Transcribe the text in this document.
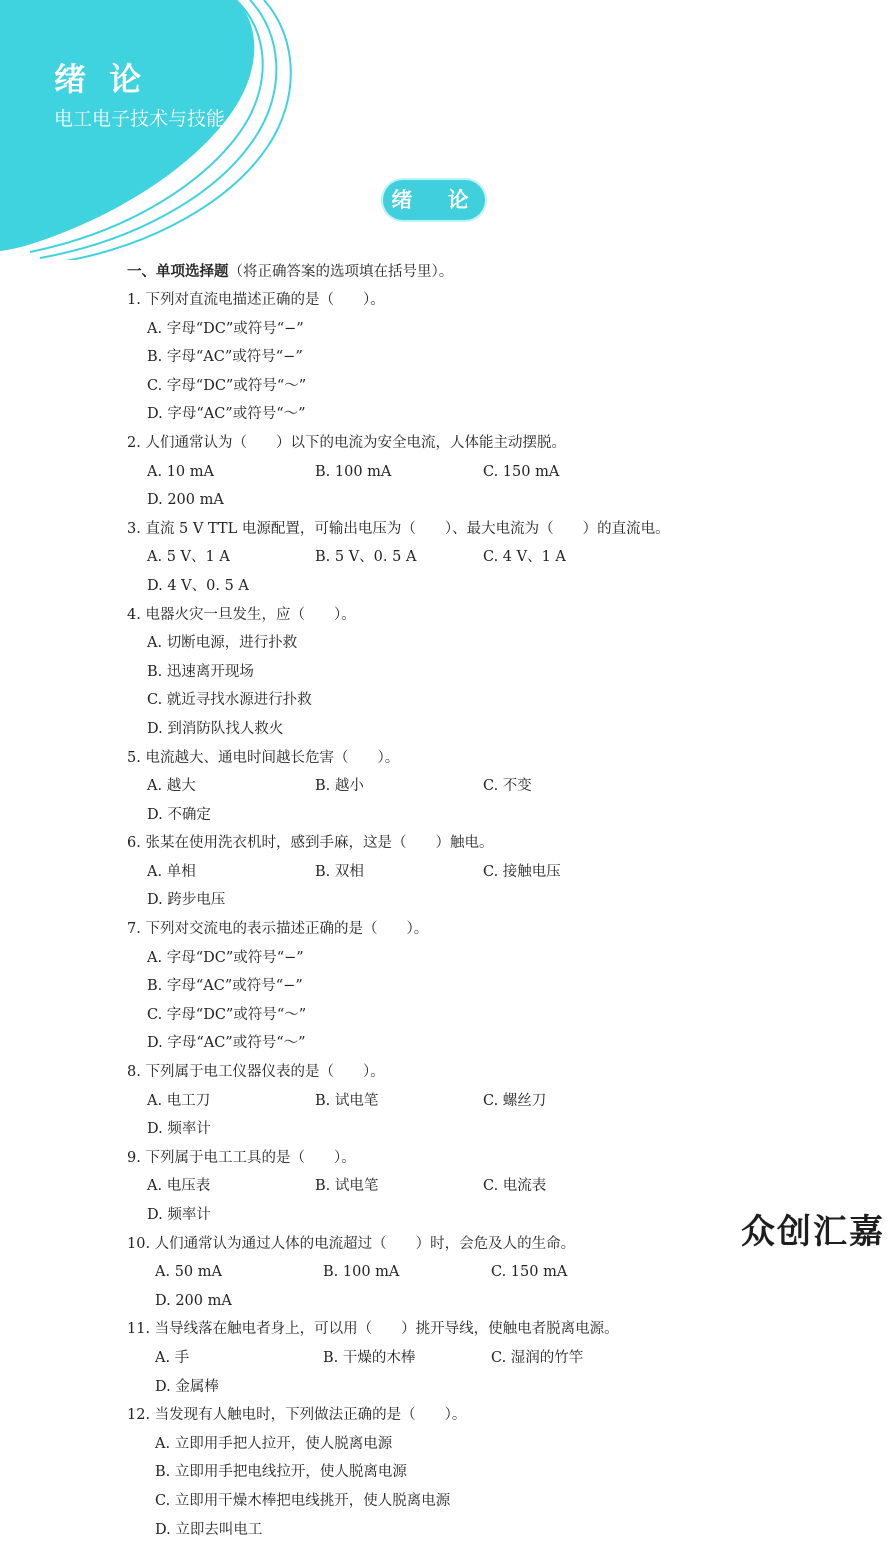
绪 论
电工电子技术与技能
绪 论
一、单项选择题（将正确答案的选项填在括号里）。
1. 下列对直流电描述正确的是（　　）。
A. 字母“DC”或符号“−”
B. 字母“AC”或符号“−”
C. 字母“DC”或符号“～”
D. 字母“AC”或符号“～”
2. 人们通常认为（　　）以下的电流为安全电流，人体能主动摆脱。
A. 10 mA	B. 100 mA	C. 150 mA
D. 200 mA
3. 直流 5 V TTL 电源配置，可输出电压为（　　）、最大电流为（　　）的直流电。
A. 5 V、1 A	B. 5 V、0. 5 A	C. 4 V、1 A
D. 4 V、0. 5 A
4. 电器火灾一旦发生，应（　　）。
A. 切断电源，进行扑救
B. 迅速离开现场
C. 就近寻找水源进行扑救
D. 到消防队找人救火
5. 电流越大、通电时间越长危害（　　）。
A. 越大	B. 越小	C. 不变
D. 不确定
6. 张某在使用洗衣机时，感到手麻，这是（　　）触电。
A. 单相	B. 双相	C. 接触电压
D. 跨步电压
7. 下列对交流电的表示描述正确的是（　　）。
A. 字母“DC”或符号“−”
B. 字母“AC”或符号“−”
C. 字母“DC”或符号“～”
D. 字母“AC”或符号“～”
8. 下列属于电工仪器仪表的是（　　）。
A. 电工刀	B. 试电笔	C. 螺丝刀
D. 频率计
9. 下列属于电工工具的是（　　）。
A. 电压表	B. 试电笔	C. 电流表
D. 频率计
10. 人们通常认为通过人体的电流超过（　　）时，会危及人的生命。
A. 50 mA	B. 100 mA	C. 150 mA
D. 200 mA
11. 当导线落在触电者身上，可以用（　　）挑开导线，使触电者脱离电源。
A. 手	B. 干燥的木棒	C. 湿润的竹竿
D. 金属棒
12. 当发现有人触电时，下列做法正确的是（　　）。
A. 立即用手把人拉开，使人脱离电源
B. 立即用手把电线拉开，使人脱离电源
C. 立即用干燥木棒把电线挑开，使人脱离电源
D. 立即去叫电工
众创汇嘉
